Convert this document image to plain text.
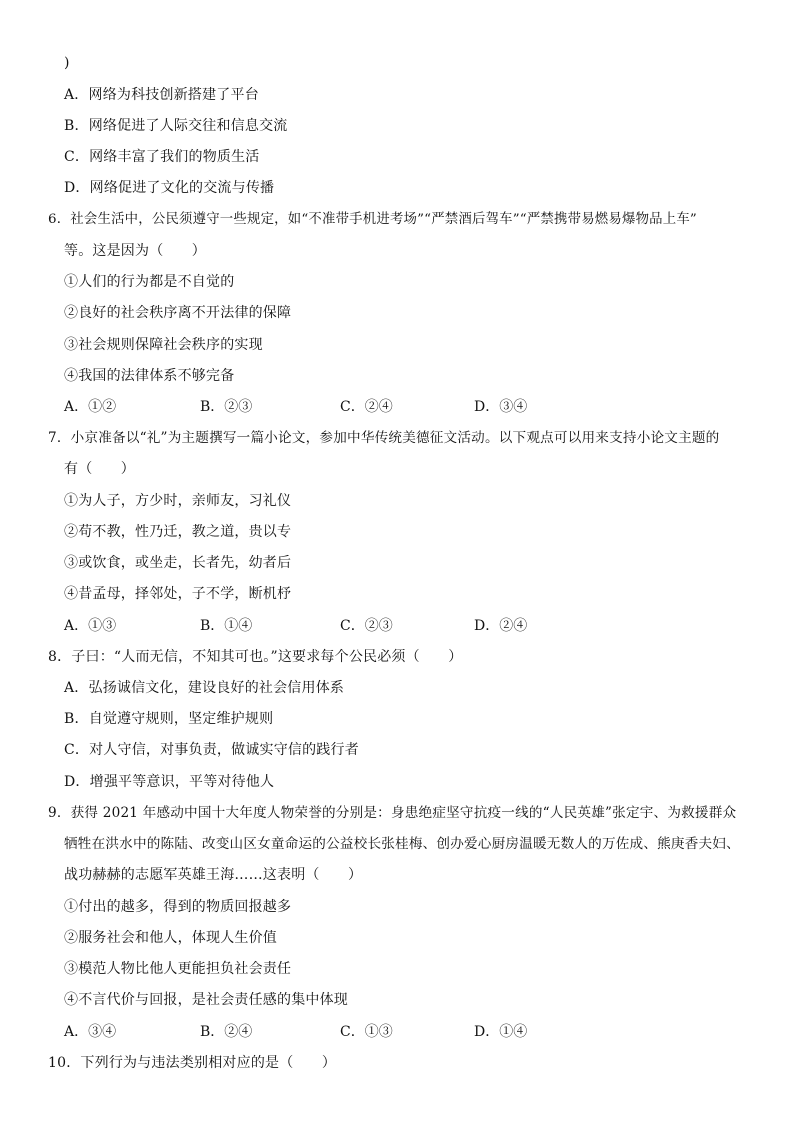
)
A．网络为科技创新搭建了平台
B．网络促进了人际交往和信息交流
C．网络丰富了我们的物质生活
D．网络促进了文化的交流与传播
6．社会生活中，公民须遵守一些规定，如“不准带手机进考场”“严禁酒后驾车”“严禁携带易燃易爆物品上车”
等。这是因为（　　）
①人们的行为都是不自觉的
②良好的社会秩序离不开法律的保障
③社会规则保障社会秩序的实现
④我国的法律体系不够完备
A．①②	B．②③	C．②④	D．③④
7．小京准备以“礼”为主题撰写一篇小论文，参加中华传统美德征文活动。以下观点可以用来支持小论文主题的
有（　　）
①为人子，方少时，亲师友，习礼仪
②苟不教，性乃迁，教之道，贵以专
③或饮食，或坐走，长者先，幼者后
④昔孟母，择邻处，子不学，断机杼
A．①③	B．①④	C．②③	D．②④
8．子曰：“人而无信，不知其可也。”这要求每个公民必须（　　）
A．弘扬诚信文化，建设良好的社会信用体系
B．自觉遵守规则，坚定维护规则
C．对人守信，对事负责，做诚实守信的践行者
D．增强平等意识，平等对待他人
9．获得 2021 年感动中国十大年度人物荣誉的分别是：身患绝症坚守抗疫一线的“人民英雄”张定宇、为救援群众
牺牲在洪水中的陈陆、改变山区女童命运的公益校长张桂梅、创办爱心厨房温暖无数人的万佐成、熊庚香夫妇、
战功赫赫的志愿军英雄王海……这表明（　　）
①付出的越多，得到的物质回报越多
②服务社会和他人，体现人生价值
③模范人物比他人更能担负社会责任
④不言代价与回报，是社会责任感的集中体现
A．③④	B．②④	C．①③	D．①④
10．下列行为与违法类别相对应的是（　　）
